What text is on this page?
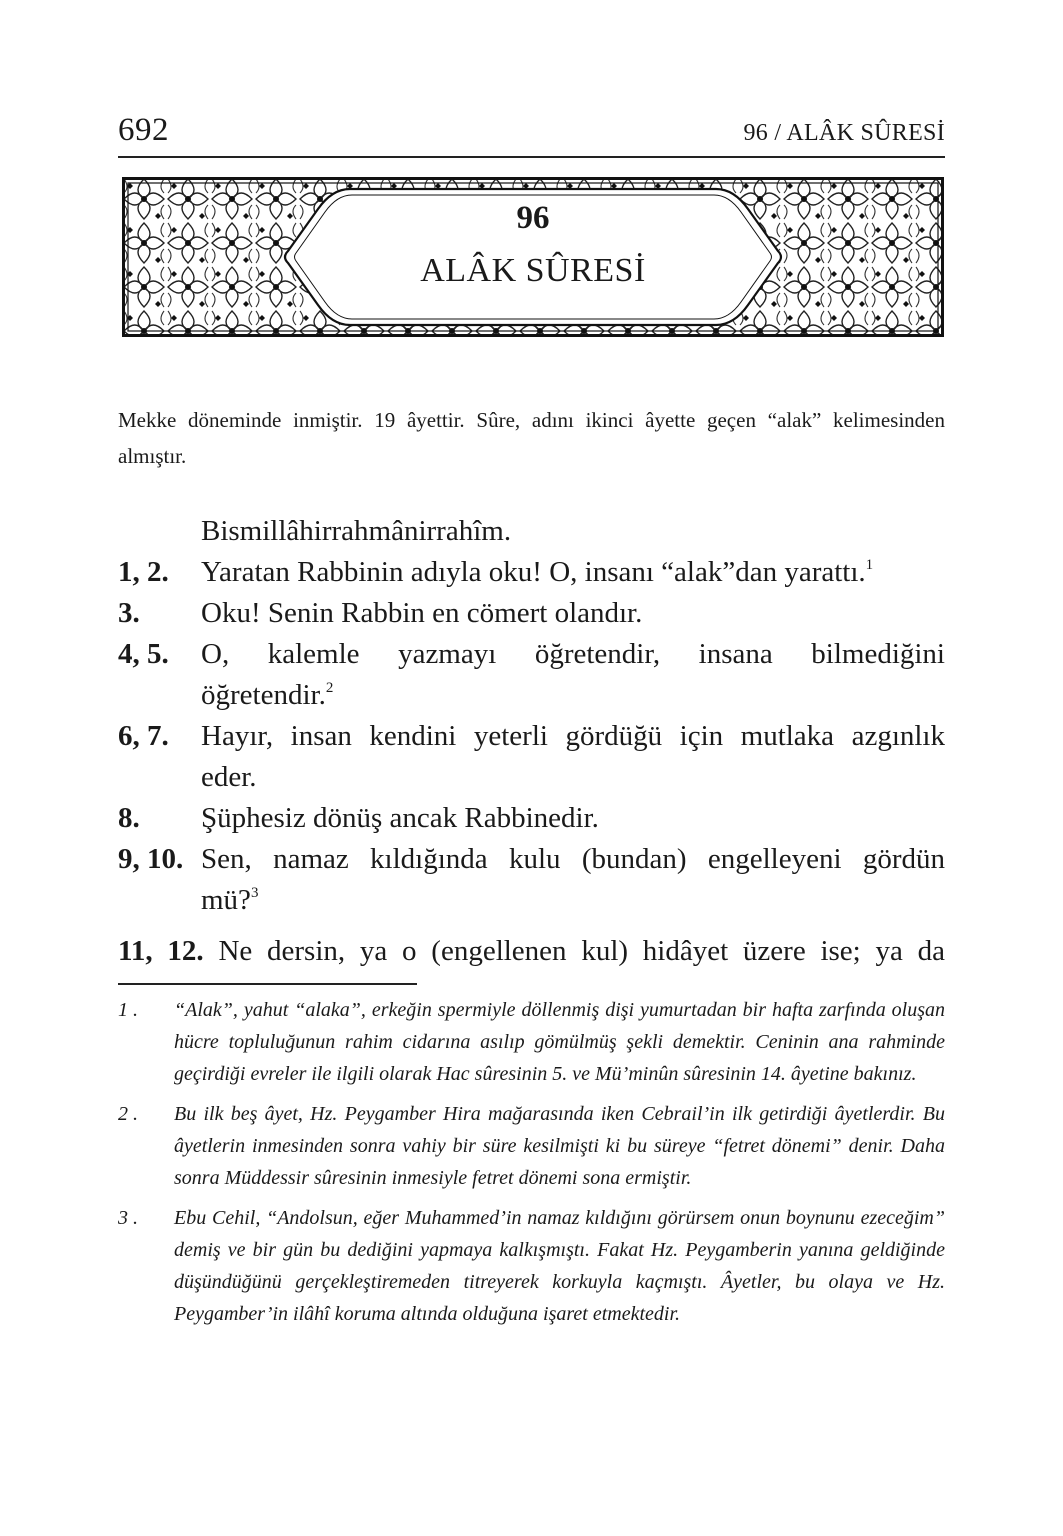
692	96 / ALÂK SÛRESİ
96
ALÂK SÛRESİ
Mekke döneminde inmiştir. 19 âyettir. Sûre, adını ikinci âyette geçen “alak” kelimesinden almıştır.
Bismillâhirrahmânirrahîm.
1, 2. Yaratan Rabbinin adıyla oku! O, insanı “alak”dan yarattı.$^1$
3. Oku! Senin Rabbin en cömert olandır.
4, 5. O, kalemle yazmayı öğretendir, insana bilmediğini
öğretendir.$^2$
6, 7. Hayır, insan kendini yeterli gördüğü için mutlaka azgınlık
eder.
8. Şüphesiz dönüş ancak Rabbinedir.
9, 10. Sen, namaz kıldığında kulu (bundan) engelleyeni gördün
mü?$^3$
11, 12. Ne dersin, ya o (engellenen kul) hidâyet üzere ise; ya da
1 . “Alak”, yahut “alaka”, erkeğin spermiyle döllenmiş dişi yumurtadan bir hafta zarfında oluşan hücre topluluğunun rahim cidarına asılıp gömülmüş şekli demektir. Ceninin ana rahminde geçirdiği evreler ile ilgili olarak Hac sûresinin 5. ve Mü’minûn sûresinin 14. âyetine bakınız.
2 . Bu ilk beş âyet, Hz. Peygamber Hira mağarasında iken Cebrail’in ilk getirdiği âyetlerdir. Bu âyetlerin inmesinden sonra vahiy bir süre kesilmişti ki bu süreye “fetret dönemi” denir. Daha sonra Müddessir sûresinin inmesiyle fetret dönemi sona ermiştir.
3 . Ebu Cehil, “Andolsun, eğer Muhammed’in namaz kıldığını görürsem onun boynunu ezeceğim” demiş ve bir gün bu dediğini yapmaya kalkışmıştı. Fakat Hz. Peygamberin yanına geldiğinde düşündüğünü gerçekleştiremeden titreyerek korkuyla kaçmıştı. Âyetler, bu olaya ve Hz. Peygamber’in ilâhî koruma altında olduğuna işaret etmektedir.
